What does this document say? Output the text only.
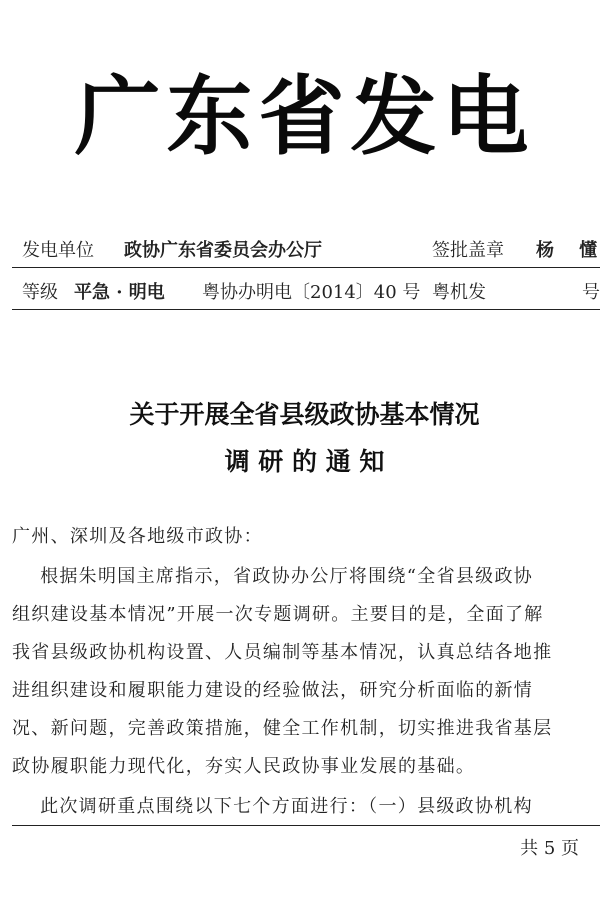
广东省发电
发电单位 政协广东省委员会办公厅	签批盖章 杨    懂
等级 平急 · 明电 粤协办明电〔2014〕40 号 粤机发	号
关于开展全省县级政协基本情况
调 研 的 通 知
广州、深圳及各地级市政协：
根据朱明国主席指示，省政协办公厅将围绕“全省县级政协
组织建设基本情况”开展一次专题调研。主要目的是，全面了解
我省县级政协机构设置、人员编制等基本情况，认真总结各地推
进组织建设和履职能力建设的经验做法，研究分析面临的新情
况、新问题，完善政策措施，健全工作机制，切实推进我省基层
政协履职能力现代化，夯实人民政协事业发展的基础。
此次调研重点围绕以下七个方面进行：（一）县级政协机构
共 5 页
